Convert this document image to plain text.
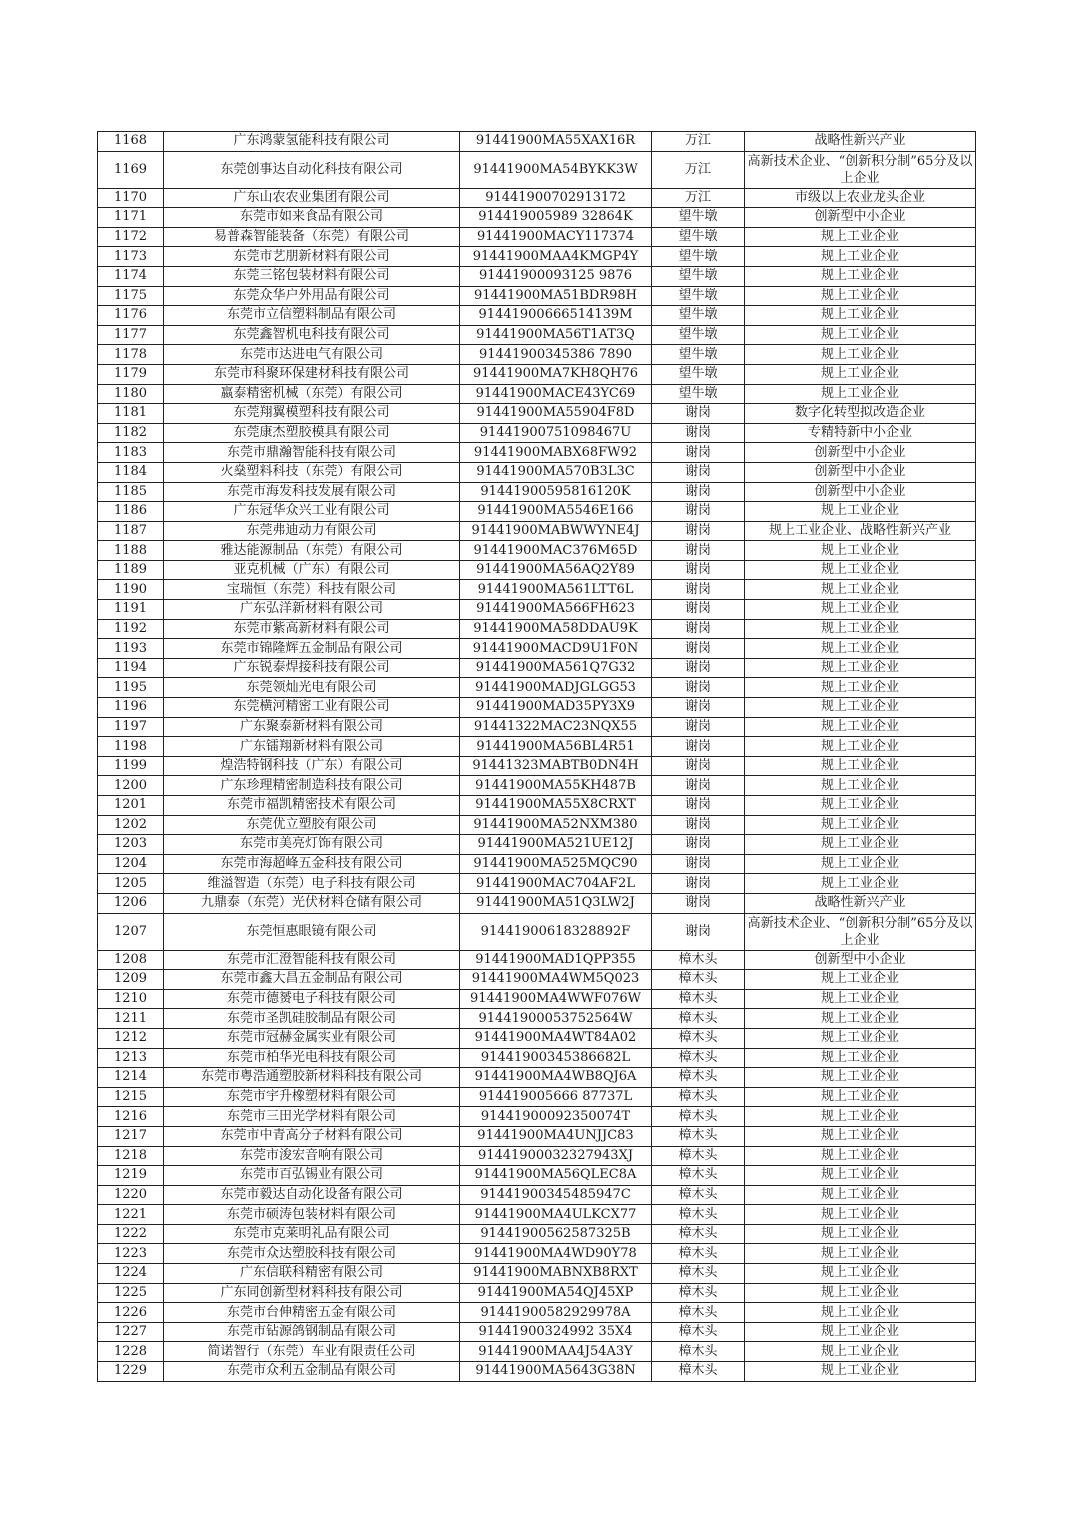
1168	广东鸿蒙氢能科技有限公司	91441900MA55XAX16R	万江	战略性新兴产业
1169	东莞创事达自动化科技有限公司	91441900MA54BYKK3W	万江	高新技术企业、“创新积分制”65分及以上企业
1170	广东山农农业集团有限公司	91441900702913172	万江	市级以上农业龙头企业
1171	东莞市如来食品有限公司	914419005989 32864K	望牛墩	创新型中小企业
1172	易普森智能装备（东莞）有限公司	91441900MACY117374	望牛墩	规上工业企业
1173	东莞市艺朋新材料有限公司	91441900MAA4KMGP4Y	望牛墩	规上工业企业
1174	东莞三铭包装材料有限公司	91441900093125 9876	望牛墩	规上工业企业
1175	东莞众华户外用品有限公司	91441900MA51BDR98H	望牛墩	规上工业企业
1176	东莞市立信塑料制品有限公司	91441900666514139M	望牛墩	规上工业企业
1177	东莞鑫智机电科技有限公司	91441900MA56T1AT3Q	望牛墩	规上工业企业
1178	东莞市达进电气有限公司	91441900345386 7890	望牛墩	规上工业企业
1179	东莞市科聚环保建材科技有限公司	91441900MA7KH8QH76	望牛墩	规上工业企业
1180	嬴泰精密机械（东莞）有限公司	91441900MACE43YC69	望牛墩	规上工业企业
1181	东莞翔翼模塑科技有限公司	91441900MA55904F8D	谢岗	数字化转型拟改造企业
1182	东莞康杰塑胶模具有限公司	91441900751098467U	谢岗	专精特新中小企业
1183	东莞市鼎瀚智能科技有限公司	91441900MABX68FW92	谢岗	创新型中小企业
1184	火燊塑料科技（东莞）有限公司	91441900MA570B3L3C	谢岗	创新型中小企业
1185	东莞市海发科技发展有限公司	91441900595816120K	谢岗	创新型中小企业
1186	广东冠华众兴工业有限公司	91441900MA5546E166	谢岗	规上工业企业
1187	东莞弗迪动力有限公司	91441900MABWWYNE4J	谢岗	规上工业企业、战略性新兴产业
1188	雅达能源制品（东莞）有限公司	91441900MAC376M65D	谢岗	规上工业企业
1189	亚克机械（广东）有限公司	91441900MA56AQ2Y89	谢岗	规上工业企业
1190	宝瑞恒（东莞）科技有限公司	91441900MA561LTT6L	谢岗	规上工业企业
1191	广东弘洋新材料有限公司	91441900MA566FH623	谢岗	规上工业企业
1192	东莞市紫高新材料有限公司	91441900MA58DDAU9K	谢岗	规上工业企业
1193	东莞市锦隆辉五金制品有限公司	91441900MACD9U1F0N	谢岗	规上工业企业
1194	广东锐泰焊接科技有限公司	91441900MA561Q7G32	谢岗	规上工业企业
1195	东莞领灿光电有限公司	91441900MADJGLGG53	谢岗	规上工业企业
1196	东莞横河精密工业有限公司	91441900MAD35PY3X9	谢岗	规上工业企业
1197	广东聚泰新材料有限公司	91441322MAC23NQX55	谢岗	规上工业企业
1198	广东镭翔新材料有限公司	91441900MA56BL4R51	谢岗	规上工业企业
1199	煌浩特钢科技（广东）有限公司	91441323MABTB0DN4H	谢岗	规上工业企业
1200	广东珍理精密制造科技有限公司	91441900MA55KH487B	谢岗	规上工业企业
1201	东莞市福凯精密技术有限公司	91441900MA55X8CRXT	谢岗	规上工业企业
1202	东莞优立塑胶有限公司	91441900MA52NXM380	谢岗	规上工业企业
1203	东莞市美亮灯饰有限公司	91441900MA521UE12J	谢岗	规上工业企业
1204	东莞市海超峰五金科技有限公司	91441900MA525MQC90	谢岗	规上工业企业
1205	维溢智造（东莞）电子科技有限公司	91441900MAC704AF2L	谢岗	规上工业企业
1206	九鼎泰（东莞）光伏材料仓储有限公司	91441900MA51Q3LW2J	谢岗	战略性新兴产业
1207	东莞恒惠眼镜有限公司	91441900618328892F	谢岗	高新技术企业、“创新积分制”65分及以上企业
1208	东莞市汇澄智能科技有限公司	91441900MAD1QPP355	樟木头	创新型中小企业
1209	东莞市鑫大昌五金制品有限公司	91441900MA4WM5Q023	樟木头	规上工业企业
1210	东莞市德赟电子科技有限公司	91441900MA4WWF076W	樟木头	规上工业企业
1211	东莞市圣凯硅胶制品有限公司	91441900053752564W	樟木头	规上工业企业
1212	东莞市冠赫金属实业有限公司	91441900MA4WT84A02	樟木头	规上工业企业
1213	东莞市柏华光电科技有限公司	91441900345386682L	樟木头	规上工业企业
1214	东莞市粤浩通塑胶新材料科技有限公司	91441900MA4WB8QJ6A	樟木头	规上工业企业
1215	东莞市宇升橡塑材料有限公司	914419005666 87737L	樟木头	规上工业企业
1216	东莞市三田光学材料有限公司	91441900092350074T	樟木头	规上工业企业
1217	东莞市中青高分子材料有限公司	91441900MA4UNJJC83	樟木头	规上工业企业
1218	东莞市浚宏音响有限公司	91441900032327943XJ	樟木头	规上工业企业
1219	东莞市百弘锡业有限公司	91441900MA56QLEC8A	樟木头	规上工业企业
1220	东莞市毅达自动化设备有限公司	91441900345485947C	樟木头	规上工业企业
1221	东莞市硕涛包装材料有限公司	91441900MA4ULKCX77	樟木头	规上工业企业
1222	东莞市克莱明礼品有限公司	91441900562587325B	樟木头	规上工业企业
1223	东莞市众达塑胶科技有限公司	91441900MA4WD90Y78	樟木头	规上工业企业
1224	广东信联科精密有限公司	91441900MABNXB8RXT	樟木头	规上工业企业
1225	广东同创新型材料科技有限公司	91441900MA54QJ45XP	樟木头	规上工业企业
1226	东莞市台伸精密五金有限公司	91441900582929978A	樟木头	规上工业企业
1227	东莞市钻源鸽钢制品有限公司	91441900324992 35X4	樟木头	规上工业企业
1228	简诺智行（东莞）车业有限责任公司	91441900MAA4J54A3Y	樟木头	规上工业企业
1229	东莞市众利五金制品有限公司	91441900MA5643G38N	樟木头	规上工业企业
